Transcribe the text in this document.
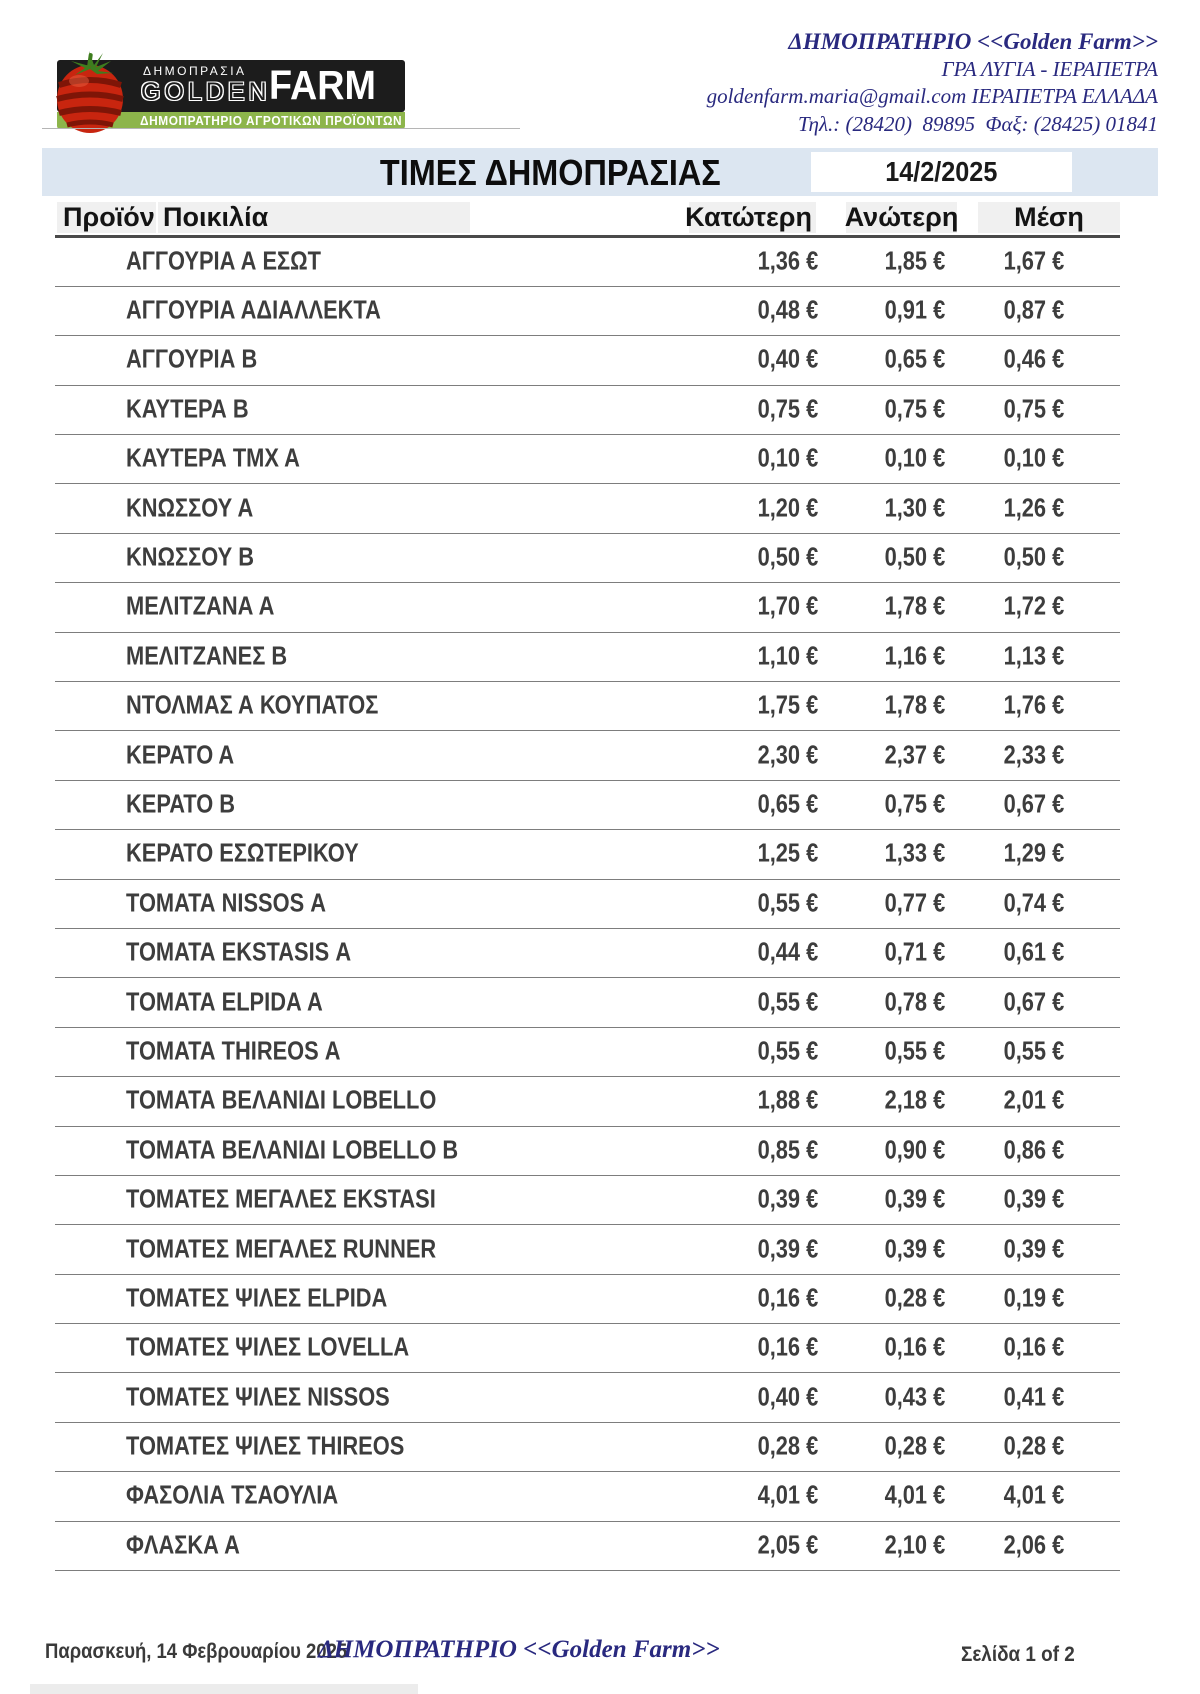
ΔΗΜΟΠΡΑΤΗΡΙΟ ΑΓΡΟΤΙΚΩΝ ΠΡΟΪΟΝΤΩΝ
ΔΗΜΟΠΡΑΣΙΑ
GOLDEN
FARM
ΔΗΜΟΠΡΑΤΗΡΙΟ <<Golden Farm>>
ΓΡΑ ΛΥΓΙΑ - ΙΕΡΑΠΕΤΡΑ
goldenfarm.maria@gmail.com ΙΕΡΑΠΕΤΡΑ ΕΛΛΑΔΑ
Τηλ.: (28420)  89895  Φαξ: (28425) 01841
ΤΙΜΕΣ ΔΗΜΟΠΡΑΣΙΑΣ	14/2/2025
Προϊόν Ποικιλία	Κατώτερη Ανώτερη Μέση
ΑΓΓΟΥΡΙΑ Α ΕΣΩΤ	1,36 €	1,85 € 1,67 €
ΑΓΓΟΥΡΙΑ ΑΔΙΑΛΛΕΚΤΑ	0,48 €	0,91 € 0,87 €
ΑΓΓΟΥΡΙΑ Β	0,40 €	0,65 € 0,46 €
ΚΑΥΤΕΡΑ Β	0,75 €	0,75 € 0,75 €
ΚΑΥΤΕΡΑ ΤΜΧ Α	0,10 €	0,10 € 0,10 €
ΚΝΩΣΣΟΥ Α	1,20 €	1,30 € 1,26 €
ΚΝΩΣΣΟΥ Β	0,50 €	0,50 € 0,50 €
ΜΕΛΙΤΖΑΝΑ Α	1,70 €	1,78 € 1,72 €
ΜΕΛΙΤΖΑΝΕΣ Β	1,10 €	1,16 € 1,13 €
ΝΤΟΛΜΑΣ Α ΚΟΥΠΑΤΟΣ	1,75 €	1,78 € 1,76 €
ΚΕΡΑΤΟ Α	2,30 €	2,37 € 2,33 €
ΚΕΡΑΤΟ Β	0,65 €	0,75 € 0,67 €
ΚΕΡΑΤΟ ΕΣΩΤΕΡΙΚΟΥ	1,25 €	1,33 € 1,29 €
ΤΟΜΑΤΑ NISSOS Α	0,55 €	0,77 € 0,74 €
ΤΟΜΑΤΑ EKSTASIS Α	0,44 €	0,71 € 0,61 €
ΤΟΜΑΤΑ ELPIDA Α	0,55 €	0,78 € 0,67 €
ΤΟΜΑΤΑ THIREOS Α	0,55 €	0,55 € 0,55 €
ΤΟΜΑΤΑ ΒΕΛΑΝΙΔΙ LOBELLO	1,88 €	2,18 € 2,01 €
ΤΟΜΑΤΑ ΒΕΛΑΝΙΔΙ LOBELLO Β	0,85 €	0,90 € 0,86 €
ΤΟΜΑΤΕΣ ΜΕΓΑΛΕΣ EKSTASI	0,39 €	0,39 € 0,39 €
ΤΟΜΑΤΕΣ ΜΕΓΑΛΕΣ RUNNER	0,39 €	0,39 € 0,39 €
ΤΟΜΑΤΕΣ ΨΙΛΕΣ ELPIDA	0,16 €	0,28 € 0,19 €
ΤΟΜΑΤΕΣ ΨΙΛΕΣ LOVELLA	0,16 €	0,16 € 0,16 €
ΤΟΜΑΤΕΣ ΨΙΛΕΣ NISSOS	0,40 €	0,43 € 0,41 €
ΤΟΜΑΤΕΣ ΨΙΛΕΣ THIREOS	0,28 €	0,28 € 0,28 €
ΦΑΣΟΛΙΑ ΤΣΑΟΥΛΙΑ	4,01 €	4,01 € 4,01 €
ΦΛΑΣΚΑ Α	2,05 €	2,10 € 2,06 €
Παρασκευή, 14 Φεβρουαρίου 2025
ΔΗΜΟΠΡΑΤΗΡΙΟ <<Golden Farm>>	Σελίδα 1 of 2
